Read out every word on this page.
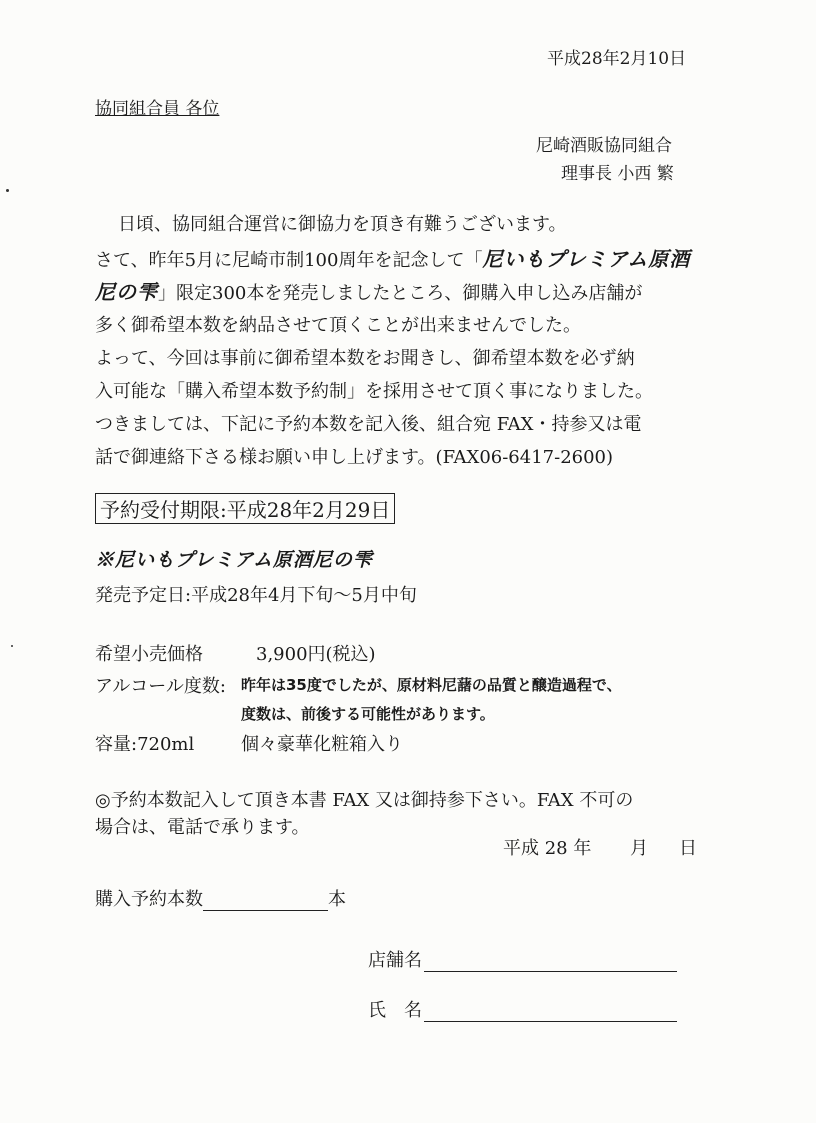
平成28年2月10日
協同組合員 各位
尼崎酒販協同組合
理事長 小西 繁
日頃、協同組合運営に御協力を頂き有難うございます。
さて、昨年5月に尼崎市制100周年を記念して「尼いもプレミアム原酒
尼の雫」限定300本を発売しましたところ、御購入申し込み店舗が
多く御希望本数を納品させて頂くことが出来ませんでした。
よって、今回は事前に御希望本数をお聞きし、御希望本数を必ず納
入可能な「購入希望本数予約制」を採用させて頂く事になりました。
つきましては、下記に予約本数を記入後、組合宛 FAX・持参又は電
話で御連絡下さる様お願い申し上げます。(FAX06-6417-2600)
予約受付期限:平成28年2月29日
※尼いもプレミアム原酒尼の雫
発売予定日:平成28年4月下旬～5月中旬
希望小売価格	3,900円(税込)
アルコール度数: 昨年は35度でしたが、原材料尼藷の品質と醸造過程で、
度数は、前後する可能性があります。
容量:720ml	個々豪華化粧箱入り
◎予約本数記入して頂き本書 FAX 又は御持参下さい。FAX 不可の
場合は、電話で承ります。
平成 28 年 月 日
購入予約本数	本
店舗名
氏　名
